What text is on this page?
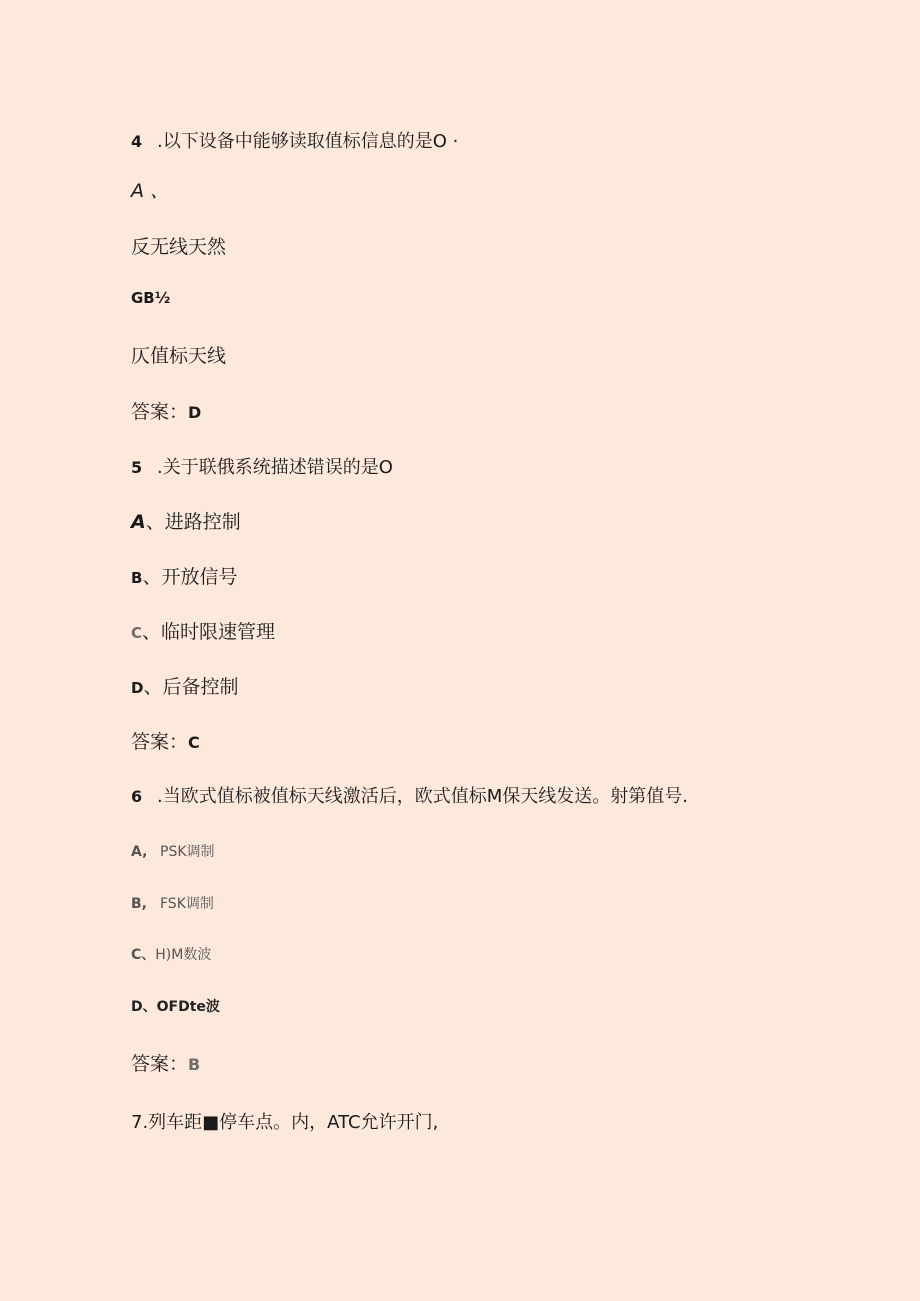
4 .以下设备中能够读取值标信息的是O ·
A 、
反无线天然
GB½
仄值标天线
答案：D
5 .关于联俄系统描述错误的是O
A、进路控制
B、开放信号
C、临时限速管理
D、后备控制
答案：C
6 .当欧式值标被值标天线激活后，欧式值标M保天线发送。射第值号.
A, PSK调制
B, FSK调制
C、H)M数波
D、OFDte波
答案：B
7.列车距■停车点。内，ATC允许开门,
